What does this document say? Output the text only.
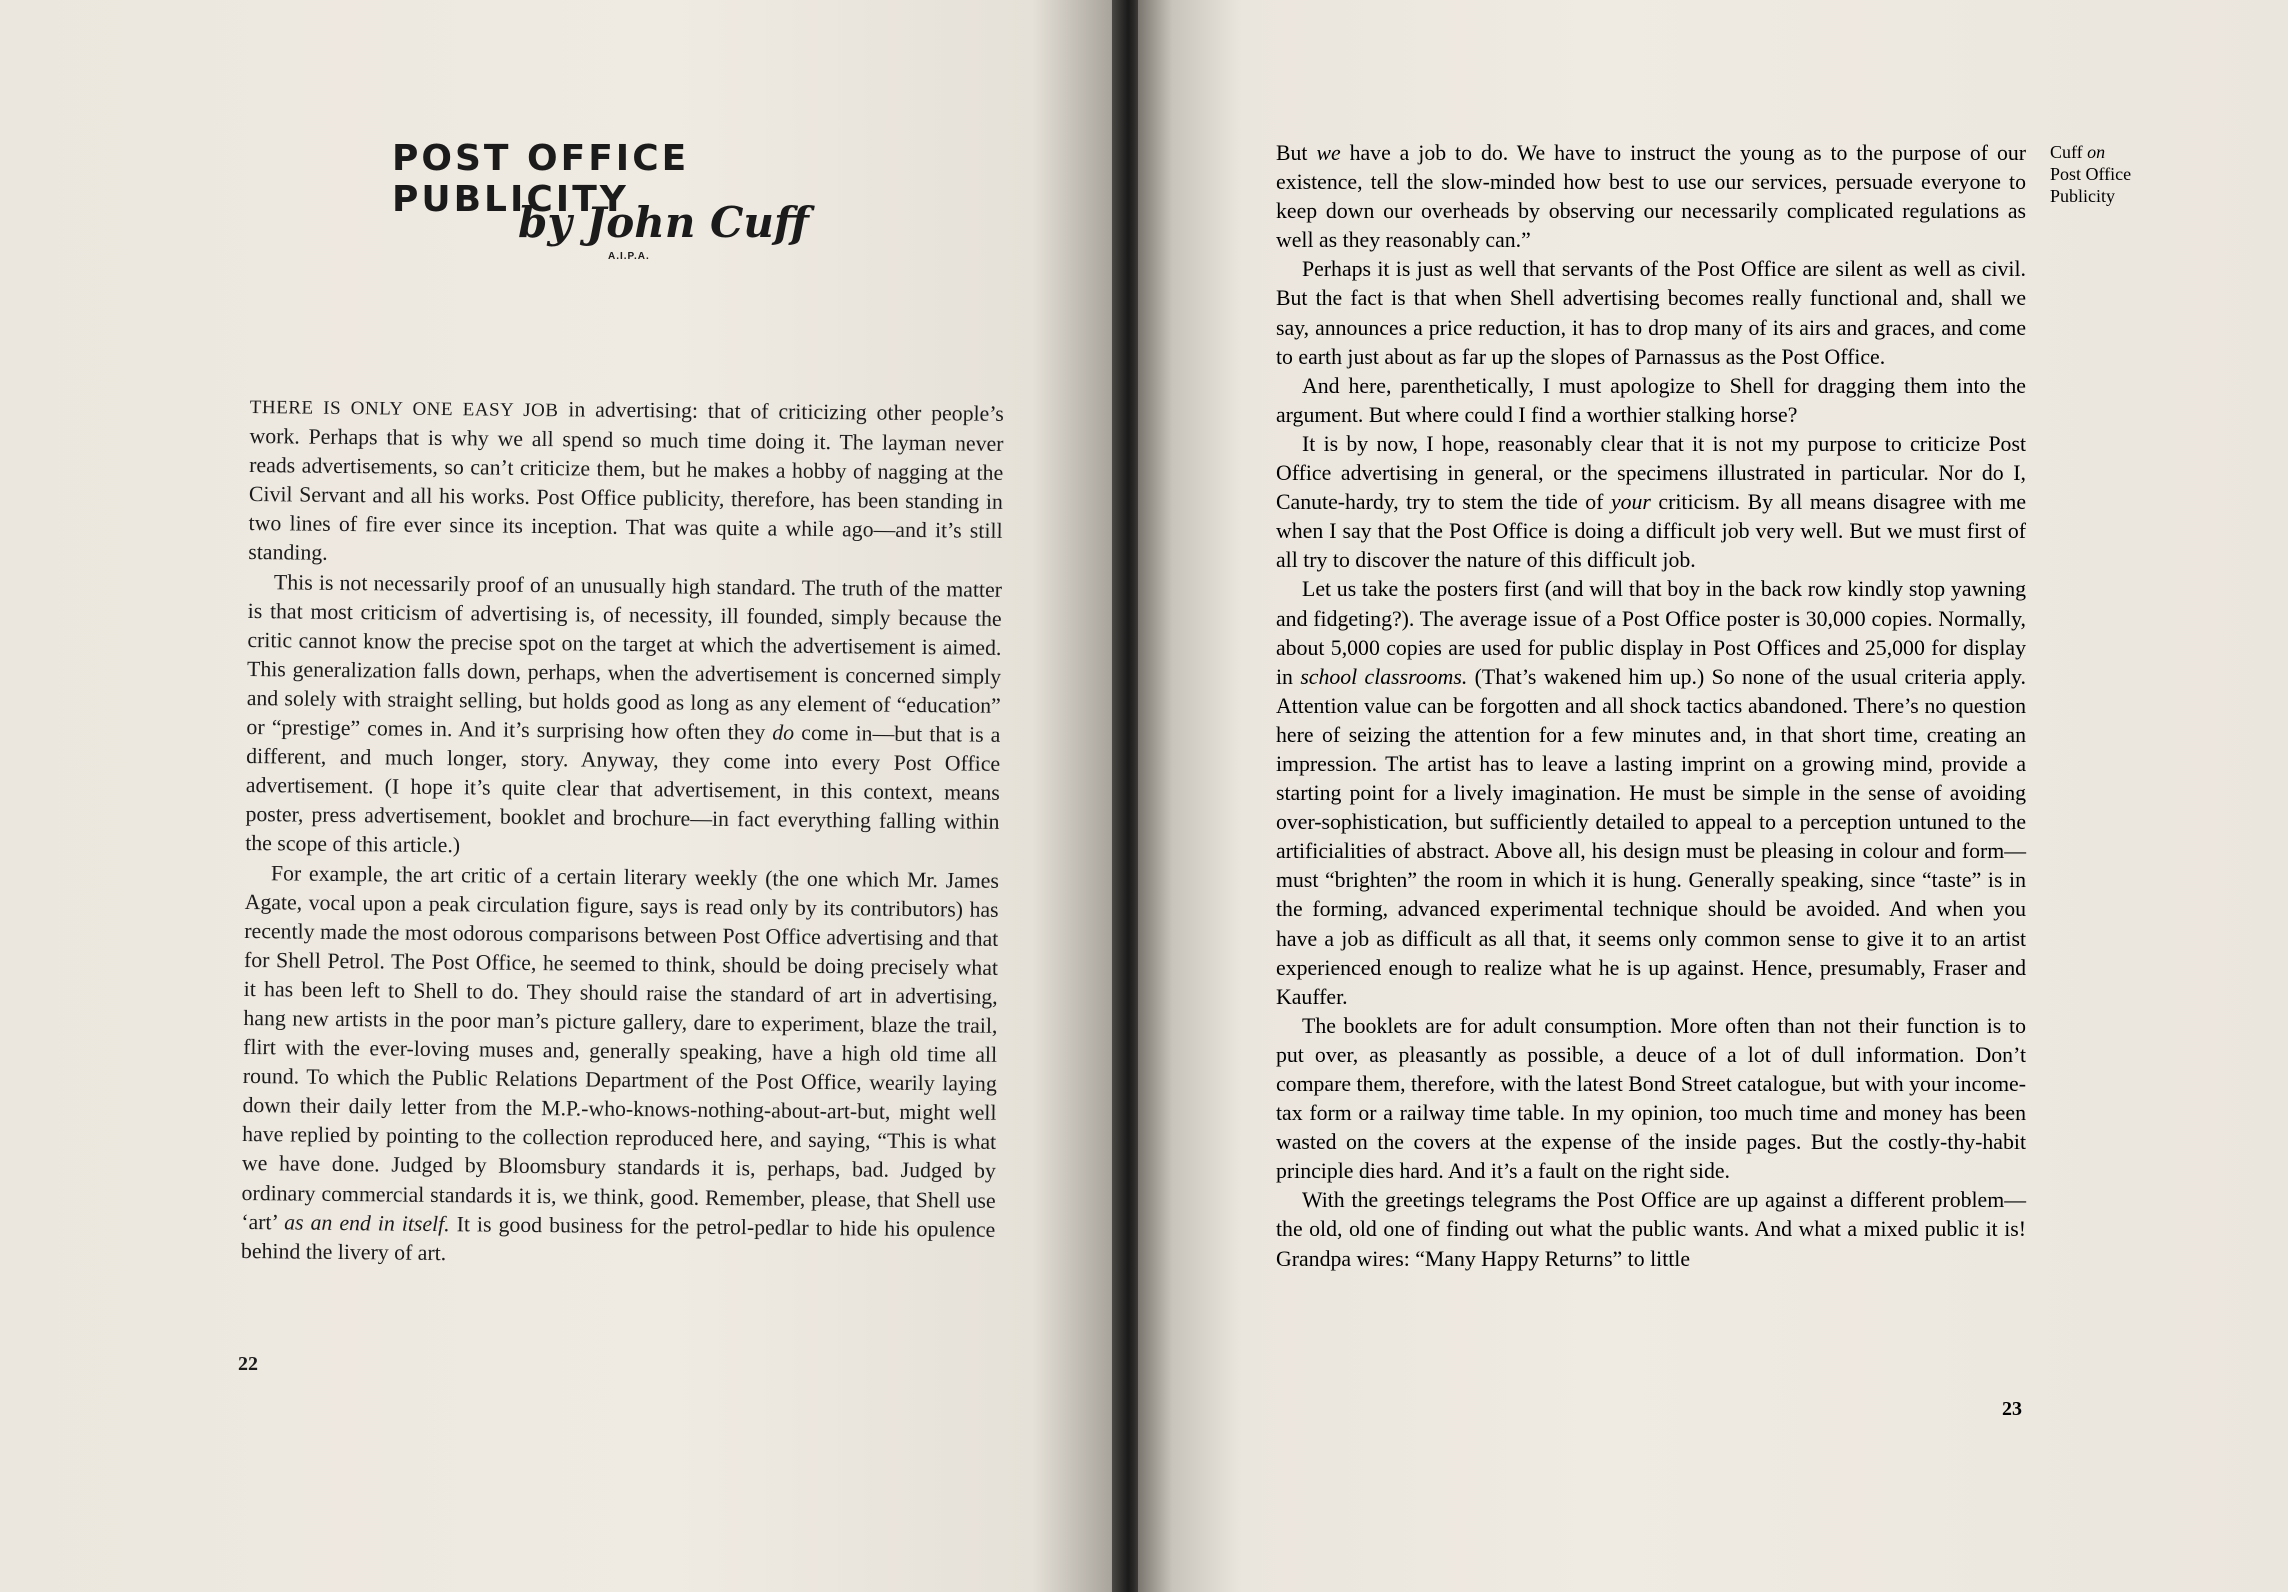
POST OFFICE PUBLICITY
by John Cuff
A.I.P.A.

THERE IS ONLY ONE EASY JOB in advertising: that of criticizing other people’s work. Perhaps that is why we all spend so much time doing it. The layman never reads advertisements, so can’t criticize them, but he makes a hobby of nagging at the Civil Servant and all his works. Post Office publicity, therefore, has been standing in two lines of fire ever since its inception. That was quite a while ago—and it’s still standing.

This is not necessarily proof of an unusually high standard. The truth of the matter is that most criticism of advertising is, of necessity, ill founded, simply because the critic cannot know the precise spot on the target at which the advertisement is aimed. This generalization falls down, perhaps, when the advertisement is concerned simply and solely with straight selling, but holds good as long as any element of “education” or “prestige” comes in. And it’s surprising how often they do come in—but that is a different, and much longer, story. Anyway, they come into every Post Office advertisement. (I hope it’s quite clear that advertisement, in this context, means poster, press advertisement, booklet and brochure—in fact everything falling within the scope of this article.)

For example, the art critic of a certain literary weekly (the one which Mr. James Agate, vocal upon a peak circulation figure, says is read only by its contributors) has recently made the most odorous comparisons between Post Office advertising and that for Shell Petrol. The Post Office, he seemed to think, should be doing precisely what it has been left to Shell to do. They should raise the standard of art in advertising, hang new artists in the poor man’s picture gallery, dare to experiment, blaze the trail, flirt with the ever-loving muses and, generally speaking, have a high old time all round. To which the Public Relations Department of the Post Office, wearily laying down their daily letter from the M.P.-who-knows-nothing-about-art-but, might well have replied by pointing to the collection reproduced here, and saying, “This is what we have done. Judged by Bloomsbury standards it is, perhaps, bad. Judged by ordinary commercial standards it is, we think, good. Remember, please, that Shell use ‘art’ as an end in itself. It is good business for the petrol-pedlar to hide his opulence behind the livery of art.

22

But we have a job to do. We have to instruct the young as to the purpose of our existence, tell the slow-minded how best to use our services, persuade everyone to keep down our overheads by observing our necessarily complicated regulations as well as they reasonably can.”

Perhaps it is just as well that servants of the Post Office are silent as well as civil. But the fact is that when Shell advertising becomes really functional and, shall we say, announces a price reduction, it has to drop many of its airs and graces, and come to earth just about as far up the slopes of Parnassus as the Post Office.

And here, parenthetically, I must apologize to Shell for dragging them into the argument. But where could I find a worthier stalking horse?

It is by now, I hope, reasonably clear that it is not my purpose to criticize Post Office advertising in general, or the specimens illustrated in particular. Nor do I, Canute-hardy, try to stem the tide of your criticism. By all means disagree with me when I say that the Post Office is doing a difficult job very well. But we must first of all try to discover the nature of this difficult job.

Let us take the posters first (and will that boy in the back row kindly stop yawning and fidgeting?). The average issue of a Post Office poster is 30,000 copies. Normally, about 5,000 copies are used for public display in Post Offices and 25,000 for display in school classrooms. (That’s wakened him up.) So none of the usual criteria apply. Attention value can be forgotten and all shock tactics abandoned. There’s no question here of seizing the attention for a few minutes and, in that short time, creating an impression. The artist has to leave a lasting imprint on a growing mind, provide a starting point for a lively imagination. He must be simple in the sense of avoiding over-sophistication, but sufficiently detailed to appeal to a perception untuned to the artificialities of abstract. Above all, his design must be pleasing in colour and form—must “brighten” the room in which it is hung. Generally speaking, since “taste” is in the forming, advanced experimental technique should be avoided. And when you have a job as difficult as all that, it seems only common sense to give it to an artist experienced enough to realize what he is up against. Hence, presumably, Fraser and Kauffer.

The booklets are for adult consumption. More often than not their function is to put over, as pleasantly as possible, a deuce of a lot of dull information. Don’t compare them, therefore, with the latest Bond Street catalogue, but with your income-tax form or a railway time table. In my opinion, too much time and money has been wasted on the covers at the expense of the inside pages. But the costly-thy-habit principle dies hard. And it’s a fault on the right side.

With the greetings telegrams the Post Office are up against a different problem—the old, old one of finding out what the public wants. And what a mixed public it is! Grandpa wires: “Many Happy Returns” to little

Cuff on
Post Office Publicity
23
